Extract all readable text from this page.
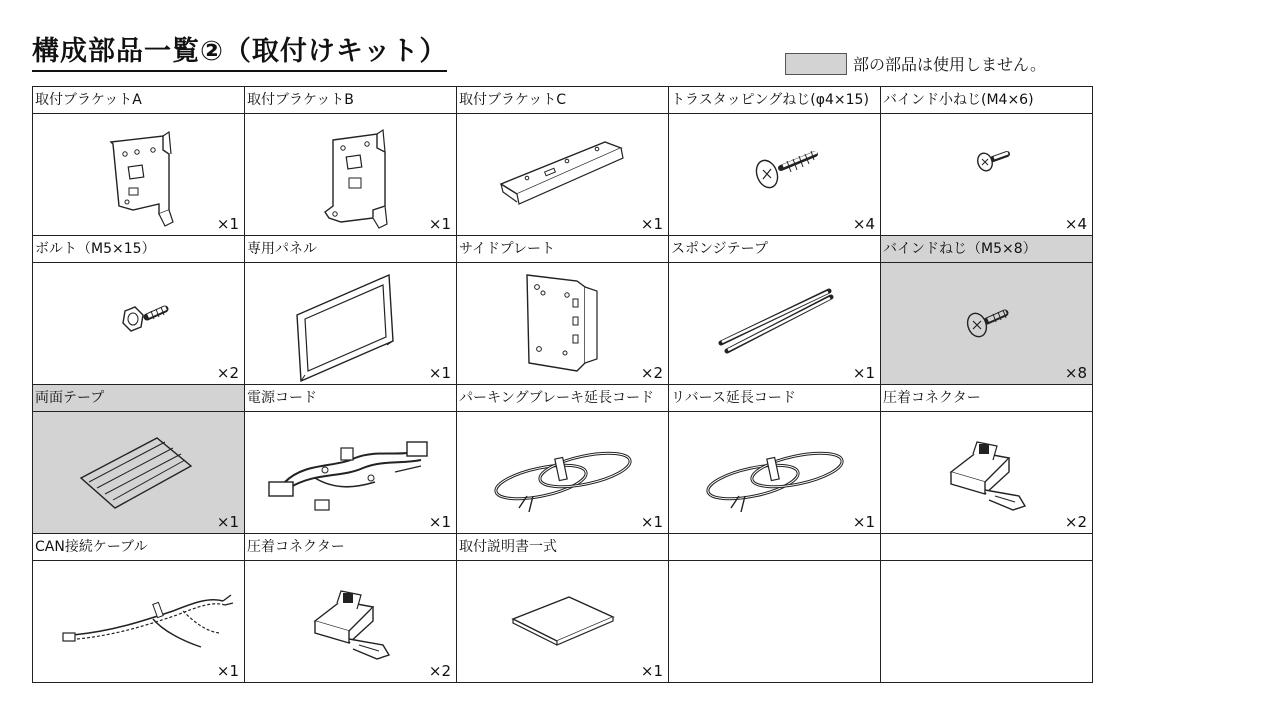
構成部品一覧②（取付けキット）	部の部品は使用しません。
取付ブラケットA
×1
取付ブラケットB
×1
取付ブラケットC
×1
トラスタッピングねじ(φ4×15)
×4
バインド小ねじ(M4×6)
×4
ボルト（M5×15）
×2
専用パネル
×1
サイドプレート
×2
スポンジテープ
×1
バインドねじ（M5×8）
×8
両面テープ
×1
電源コード
×1
パーキングブレーキ延長コード
×1
リバース延長コード
×1
圧着コネクター
×2
CAN接続ケーブル
×1
圧着コネクター
×2
取付説明書一式
×1
